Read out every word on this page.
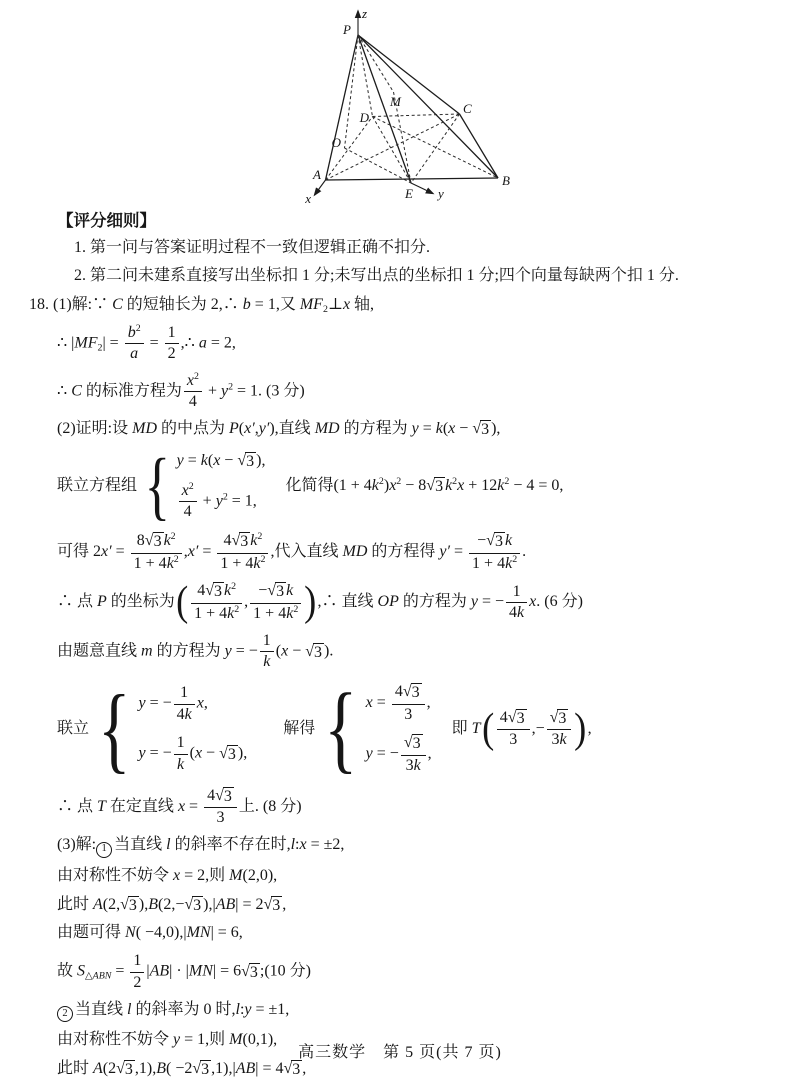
P
z
A
x
B
E y
O
D
M	C
【评分细则】
1. 第一问与答案证明过程不一致但逻辑正确不扣分.
2. 第二问未建系直接写出坐标扣 1 分;未写出点的坐标扣 1 分;四个向量每缺两个扣 1 分.
18. (1)解:∵ C 的短轴长为 2,∴ b = 1,又 $MF_2\perp x$ 轴,
∴ $|MF_2| = \frac{b^2}{a} = \frac{1}{2}$ ,∴ a = 2,
∴ C 的标准方程为 $\frac{x^2}{4} + y^2 = 1$. (3 分)
(2)证明:设 MD 的中点为 P(x′,y′),直线 MD 的方程为 y = k(x − √ 3 ),
联立方程组 { y = k(x − √ 3 ),
$\frac{x^2}{4} + y^2 = 1$,
　化简得$(1 + 4k^2)x^2 - 8$ √ 3 $k^2x + 12k^2 - 4 = 0$,
可得 $2x' = \frac{8 √ 3 k^2}{1 + 4k^2} ,x' = \frac{4 √ 3 k^2}{1 + 4k^2}$ ,代入直线 MD 的方程得 $y' = \frac{- √ 3 k}{1 + 4k^2}$ .
∴ 点 P 的坐标为 ( $\frac{4 √ 3 k^2}{1 + 4k^2}$ , $\frac{- √ 3 k}{1 + 4k^2}$ ) ,∴ 直线 OP 的方程为 y = − $\frac{1}{4k} x$. (6 分)
由题意直线 m 的方程为 y = − $\frac{1}{k} (x$ − √ 3 ).
联立 { y = − $\frac{1}{4k} x$,
y = − $\frac{1}{k} (x$ − √ 3 ),
　　解得 { $x = \frac{4 √ 3}{3}$ ,
y = − $\frac{√ 3}{3k}$ ,
　即 T ( $\frac{4 √ 3}{3}$ ,− $\frac{√ 3}{3k}$ ) ,
∴ 点 T 在定直线 $x = \frac{4 √ 3}{3}$ 上. (8 分)
(3)解: 1 当直线 l 的斜率不存在时,l:x = ±2,
由对称性不妨令 x = 2,则 M(2,0),
此时 A(2, √ 3 ),B(2,− √ 3 ),|AB| = 2 √ 3 ,
由题可得 N( −4,0),|MN| = 6,
故 $S_{\triangle ABN} = \frac{1}{2} |AB| \cdot |MN| = 6$ √ 3 ;(10 分)
2 当直线 l 的斜率为 0 时,l:y = ±1,
由对称性不妨令 y = 1,则 M(0,1),
此时 A(2 √ 3 ,1),B( −2 √ 3 ,1),|AB| = 4 √ 3 ,
高三数学　第 5 页(共 7 页)
